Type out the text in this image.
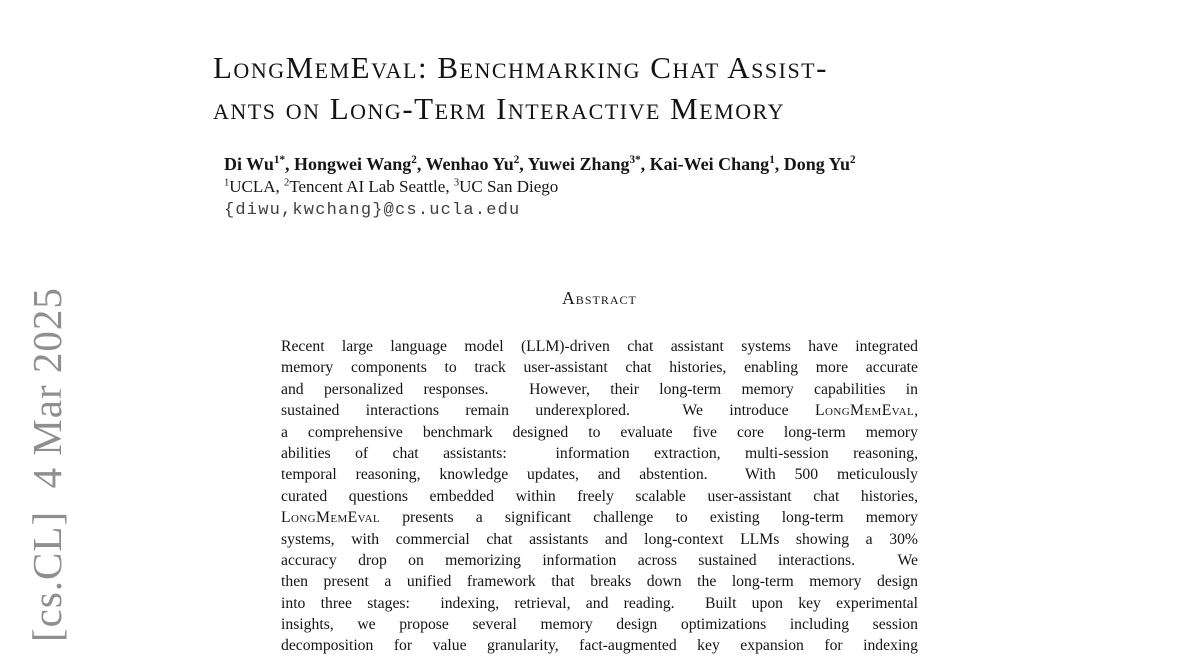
[cs.CL]  4 Mar 2025
LongMemEval: Benchmarking Chat Assist-
ants on Long-Term Interactive Memory
Di $Wu^{1*}$, Hongwei Wang$^2$, Wenhao Yu$^2$, Yuwei Zhang$^{3*}$, Kai-Wei Chang$^1$, Dong Yu$^2$
$^1$UCLA, $^2$Tencent AI Lab Seattle, $^3$UC San Diego
{diwu,kwchang}@cs.ucla.edu
Abstract
Recent large language model (LLM)-driven chat assistant systems have integrated
memory components to track user-assistant chat histories, enabling more accurate
and personalized responses.  However, their long-term memory capabilities in
sustained interactions remain underexplored.  We introduce LongMemEval,
a comprehensive benchmark designed to evaluate five core long-term memory
abilities of chat assistants:  information extraction, multi-session reasoning,
temporal reasoning, knowledge updates, and abstention.  With 500 meticulously
curated questions embedded within freely scalable user-assistant chat histories,
LongMemEval presents a significant challenge to existing long-term memory
systems, with commercial chat assistants and long-context LLMs showing a 30%
accuracy drop on memorizing information across sustained interactions.  We
then present a unified framework that breaks down the long-term memory design
into three stages:  indexing, retrieval, and reading.  Built upon key experimental
insights, we propose several memory design optimizations including session
decomposition for value granularity, fact-augmented key expansion for indexing
